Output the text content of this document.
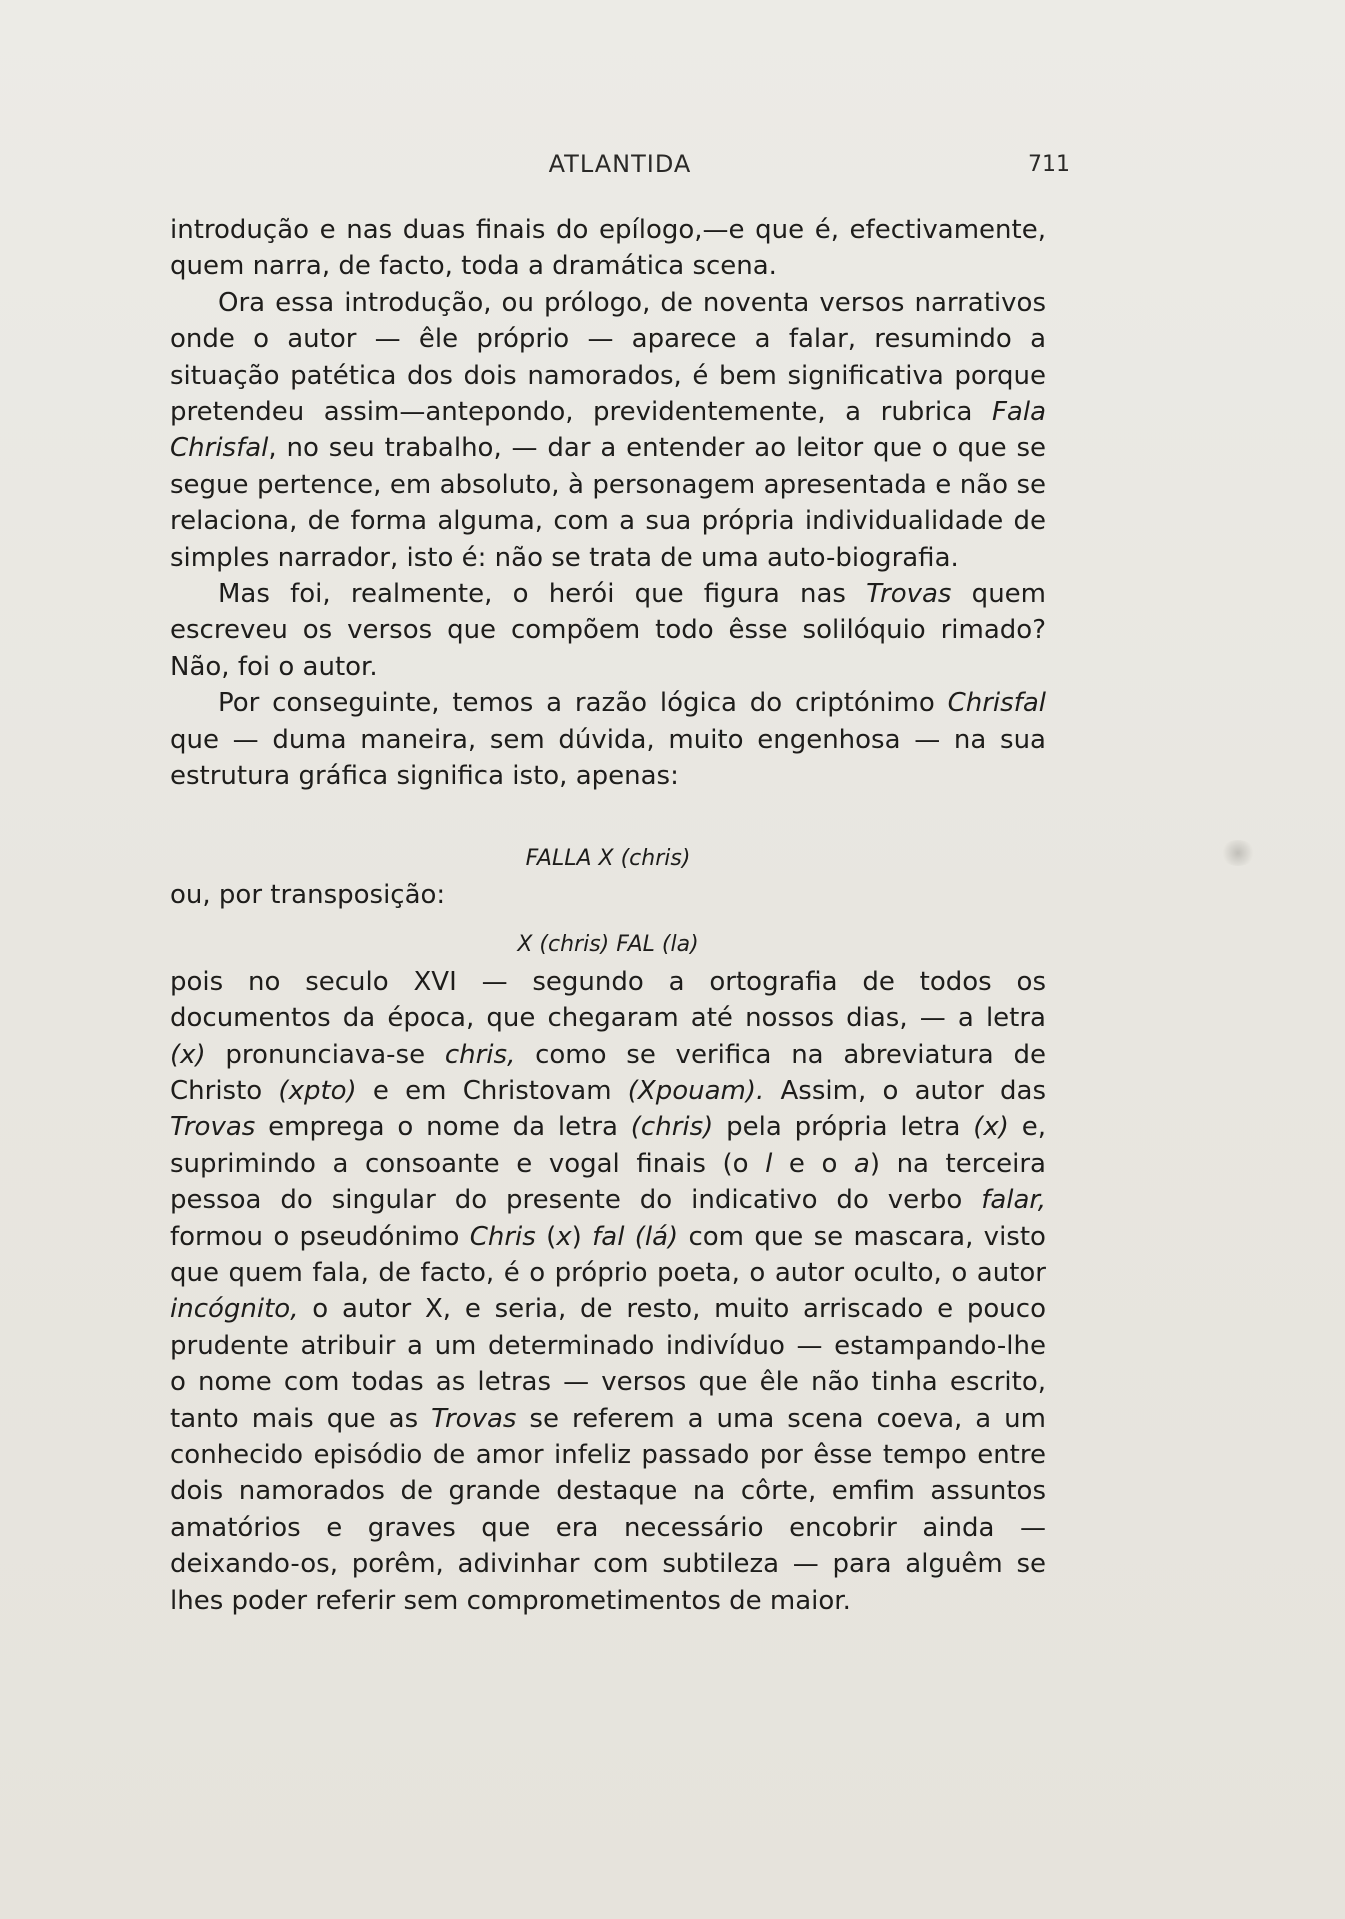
ATLANTIDA	711

introdução e nas duas finais do epílogo,—e que é, efectivamente, quem narra, de facto, toda a dramática scena.

Ora essa introdução, ou prólogo, de noventa versos narrativos onde o autor — êle próprio — aparece a falar, resumindo a situação patética dos dois namorados, é bem significativa porque pretendeu assim—antepondo, previdentemente, a rubrica Fala Chrisfal, no seu trabalho, — dar a entender ao leitor que o que se segue pertence, em absoluto, à personagem apresentada e não se relaciona, de forma alguma, com a sua própria individualidade de simples narrador, isto é: não se trata de uma auto-biografia.

Mas foi, realmente, o herói que figura nas Trovas quem escreveu os versos que compõem todo êsse solilóquio rimado? Não, foi o autor.

Por conseguinte, temos a razão lógica do criptónimo Chrisfal que — duma maneira, sem dúvida, muito engenhosa — na sua estrutura gráfica significa isto, apenas:

FALLA X (chris)

ou, por transposição:

X (chris) FAL (la)

pois no seculo XVI — segundo a ortografia de todos os documentos da época, que chegaram até nossos dias, — a letra (x) pronunciava-se chris, como se verifica na abreviatura de Christo (xpto) e em Christovam (Xpouam). Assim, o autor das Trovas emprega o nome da letra (chris) pela própria letra (x) e, suprimindo a consoante e vogal finais (o l e o a) na terceira pessoa do singular do presente do indicativo do verbo falar, formou o pseudónimo Chris (x) fal (lá) com que se mascara, visto que quem fala, de facto, é o próprio poeta, o autor oculto, o autor incógnito, o autor X, e seria, de resto, muito arriscado e pouco prudente atribuir a um determinado indivíduo — estampando-lhe o nome com todas as letras — versos que êle não tinha escrito, tanto mais que as Trovas se referem a uma scena coeva, a um conhecido episódio de amor infeliz passado por êsse tempo entre dois namorados de grande destaque na côrte, emfim assuntos amatórios e graves que era necessário encobrir ainda — deixando-os, porêm, adivinhar com subtileza — para alguêm se lhes poder referir sem comprometimentos de maior.
